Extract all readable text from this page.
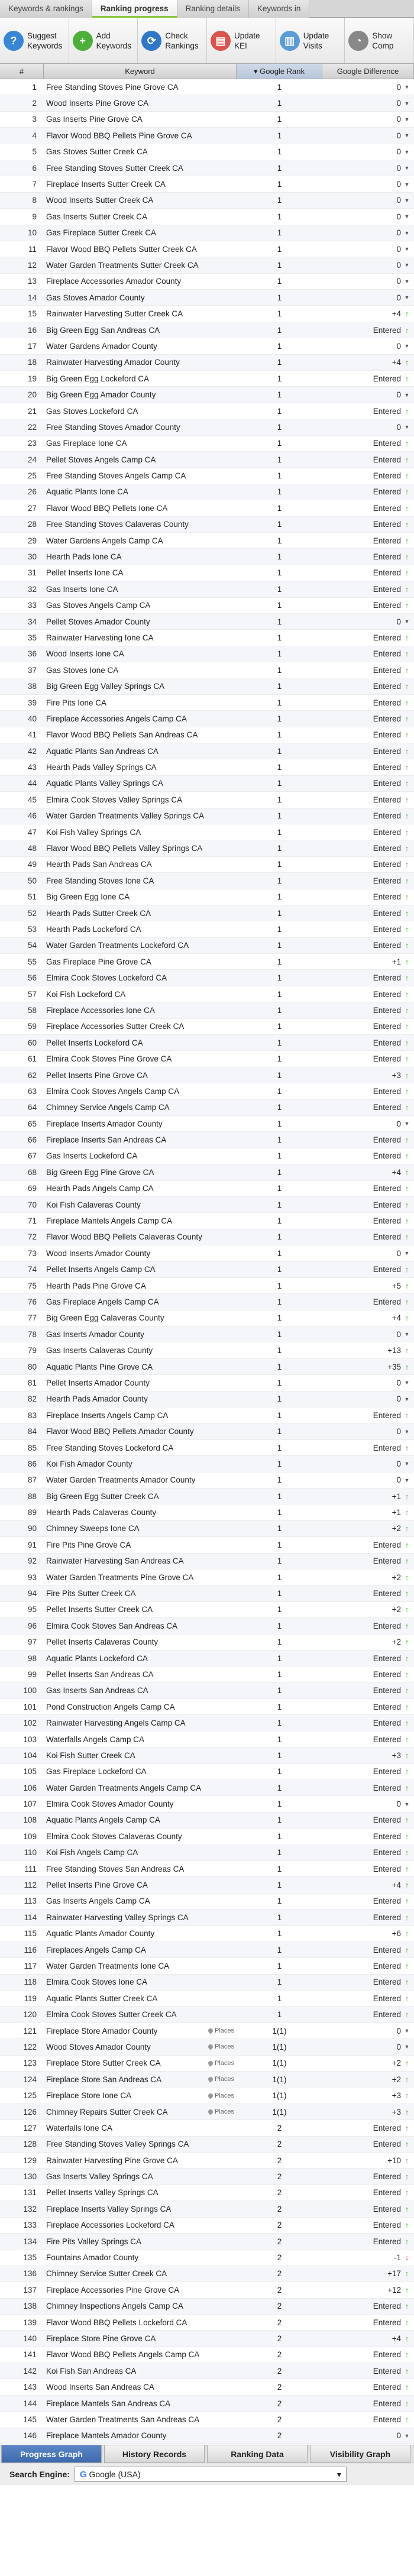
Keywords & rankings	Ranking progress	Ranking details	Keywords in
?	Suggest Keywords	+	Add Keywords	⟳	Check Rankings	▤	Update KEI	▥	Update Visits	◔	Show Comp
#	Keyword	▾ Google Rank	Google Difference
1	Free Standing Stoves Pine Grove CA	1	0 ▼
2	Wood Inserts Pine Grove CA	1	0 ▼
3	Gas Inserts Pine Grove CA	1	0 ▼
4	Flavor Wood BBQ Pellets Pine Grove CA	1	0 ▼
5	Gas Stoves Sutter Creek CA	1	0 ▼
6	Free Standing Stoves Sutter Creek CA	1	0 ▼
7	Fireplace Inserts Sutter Creek CA	1	0 ▼
8	Wood Inserts Sutter Creek CA	1	0 ▼
9	Gas Inserts Sutter Creek CA	1	0 ▼
10	Gas Fireplace Sutter Creek CA	1	0 ▼
11	Flavor Wood BBQ Pellets Sutter Creek CA	1	0 ▼
12	Water Garden Treatments Sutter Creek CA	1	0 ▼
13	Fireplace Accessories Amador County	1	0 ▼
14	Gas Stoves Amador County	1	0 ▼
15	Rainwater Harvesting Sutter Creek CA	1	+4 ↑
16	Big Green Egg San Andreas CA	1	Entered ↑
17	Water Gardens Amador County	1	0 ▼
18	Rainwater Harvesting Amador County	1	+4 ↑
19	Big Green Egg Lockeford CA	1	Entered ↑
20	Big Green Egg Amador County	1	0 ▼
21	Gas Stoves Lockeford CA	1	Entered ↑
22	Free Standing Stoves Amador County	1	0 ▼
23	Gas Fireplace Ione CA	1	Entered ↑
24	Pellet Stoves Angels Camp CA	1	Entered ↑
25	Free Standing Stoves Angels Camp CA	1	Entered ↑
26	Aquatic Plants Ione CA	1	Entered ↑
27	Flavor Wood BBQ Pellets Ione CA	1	Entered ↑
28	Free Standing Stoves Calaveras County	1	Entered ↑
29	Water Gardens Angels Camp CA	1	Entered ↑
30	Hearth Pads Ione CA	1	Entered ↑
31	Pellet Inserts Ione CA	1	Entered ↑
32	Gas Inserts Ione CA	1	Entered ↑
33	Gas Stoves Angels Camp CA	1	Entered ↑
34	Pellet Stoves Amador County	1	0 ▼
35	Rainwater Harvesting Ione CA	1	Entered ↑
36	Wood Inserts Ione CA	1	Entered ↑
37	Gas Stoves Ione CA	1	Entered ↑
38	Big Green Egg Valley Springs CA	1	Entered ↑
39	Fire Pits Ione CA	1	Entered ↑
40	Fireplace Accessories Angels Camp CA	1	Entered ↑
41	Flavor Wood BBQ Pellets San Andreas CA	1	Entered ↑
42	Aquatic Plants San Andreas CA	1	Entered ↑
43	Hearth Pads Valley Springs CA	1	Entered ↑
44	Aquatic Plants Valley Springs CA	1	Entered ↑
45	Elmira Cook Stoves Valley Springs CA	1	Entered ↑
46	Water Garden Treatments Valley Springs CA	1	Entered ↑
47	Koi Fish Valley Springs CA	1	Entered ↑
48	Flavor Wood BBQ Pellets Valley Springs CA	1	Entered ↑
49	Hearth Pads San Andreas CA	1	Entered ↑
50	Free Standing Stoves Ione CA	1	Entered ↑
51	Big Green Egg Ione CA	1	Entered ↑
52	Hearth Pads Sutter Creek CA	1	Entered ↑
53	Hearth Pads Lockeford CA	1	Entered ↑
54	Water Garden Treatments Lockeford CA	1	Entered ↑
55	Gas Fireplace Pine Grove CA	1	+1 ↑
56	Elmira Cook Stoves Lockeford CA	1	Entered ↑
57	Koi Fish Lockeford CA	1	Entered ↑
58	Fireplace Accessories Ione CA	1	Entered ↑
59	Fireplace Accessories Sutter Creek CA	1	Entered ↑
60	Pellet Inserts Lockeford CA	1	Entered ↑
61	Elmira Cook Stoves Pine Grove CA	1	Entered ↑
62	Pellet Inserts Pine Grove CA	1	+3 ↑
63	Elmira Cook Stoves Angels Camp CA	1	Entered ↑
64	Chimney Service Angels Camp CA	1	Entered ↑
65	Fireplace Inserts Amador County	1	0 ▼
66	Fireplace Inserts San Andreas CA	1	Entered ↑
67	Gas Inserts Lockeford CA	1	Entered ↑
68	Big Green Egg Pine Grove CA	1	+4 ↑
69	Hearth Pads Angels Camp CA	1	Entered ↑
70	Koi Fish Calaveras County	1	Entered ↑
71	Fireplace Mantels Angels Camp CA	1	Entered ↑
72	Flavor Wood BBQ Pellets Calaveras County	1	Entered ↑
73	Wood Inserts Amador County	1	0 ▼
74	Pellet Inserts Angels Camp CA	1	Entered ↑
75	Hearth Pads Pine Grove CA	1	+5 ↑
76	Gas Fireplace Angels Camp CA	1	Entered ↑
77	Big Green Egg Calaveras County	1	+4 ↑
78	Gas Inserts Amador County	1	0 ▼
79	Gas Inserts Calaveras County	1	+13 ↑
80	Aquatic Plants Pine Grove CA	1	+35 ↑
81	Pellet Inserts Amador County	1	0 ▼
82	Hearth Pads Amador County	1	0 ▼
83	Fireplace Inserts Angels Camp CA	1	Entered ↑
84	Flavor Wood BBQ Pellets Amador County	1	0 ▼
85	Free Standing Stoves Lockeford CA	1	Entered ↑
86	Koi Fish Amador County	1	0 ▼
87	Water Garden Treatments Amador County	1	0 ▼
88	Big Green Egg Sutter Creek CA	1	+1 ↑
89	Hearth Pads Calaveras County	1	+1 ↑
90	Chimney Sweeps Ione CA	1	+2 ↑
91	Fire Pits Pine Grove CA	1	Entered ↑
92	Rainwater Harvesting San Andreas CA	1	Entered ↑
93	Water Garden Treatments Pine Grove CA	1	+2 ↑
94	Fire Pits Sutter Creek CA	1	Entered ↑
95	Pellet Inserts Sutter Creek CA	1	+2 ↑
96	Elmira Cook Stoves San Andreas CA	1	Entered ↑
97	Pellet Inserts Calaveras County	1	+2 ↑
98	Aquatic Plants Lockeford CA	1	Entered ↑
99	Pellet Inserts San Andreas CA	1	Entered ↑
100	Gas Inserts San Andreas CA	1	Entered ↑
101	Pond Construction Angels Camp CA	1	Entered ↑
102	Rainwater Harvesting Angels Camp CA	1	Entered ↑
103	Waterfalls Angels Camp CA	1	Entered ↑
104	Koi Fish Sutter Creek CA	1	+3 ↑
105	Gas Fireplace Lockeford CA	1	Entered ↑
106	Water Garden Treatments Angels Camp CA	1	Entered ↑
107	Elmira Cook Stoves Amador County	1	0 ▼
108	Aquatic Plants Angels Camp CA	1	Entered ↑
109	Elmira Cook Stoves Calaveras County	1	Entered ↑
110	Koi Fish Angels Camp CA	1	Entered ↑
111	Free Standing Stoves San Andreas CA	1	Entered ↑
112	Pellet Inserts Pine Grove CA	1	+4 ↑
113	Gas Inserts Angels Camp CA	1	Entered ↑
114	Rainwater Harvesting Valley Springs CA	1	Entered ↑
115	Aquatic Plants Amador County	1	+6 ↑
116	Fireplaces Angels Camp CA	1	Entered ↑
117	Water Garden Treatments Ione CA	1	Entered ↑
118	Elmira Cook Stoves Ione CA	1	Entered ↑
119	Aquatic Plants Sutter Creek CA	1	Entered ↑
120	Elmira Cook Stoves Sutter Creek CA	1	Entered ↑
121	Fireplace Store Amador County	Places	1(1)	0 ▼
122	Wood Stoves Amador County	Places	1(1)	0 ▼
123	Fireplace Store Sutter Creek CA	Places	1(1)	+2 ↑
124	Fireplace Store San Andreas CA	Places	1(1)	+2 ↑
125	Fireplace Store Ione CA	Places	1(1)	+3 ↑
126	Chimney Repairs Sutter Creek CA	Places	1(1)	+3 ↑
127	Waterfalls Ione CA	2	Entered ↑
128	Free Standing Stoves Valley Springs CA	2	Entered ↑
129	Rainwater Harvesting Pine Grove CA	2	+10 ↑
130	Gas Inserts Valley Springs CA	2	Entered ↑
131	Pellet Inserts Valley Springs CA	2	Entered ↑
132	Fireplace Inserts Valley Springs CA	2	Entered ↑
133	Fireplace Accessories Lockeford CA	2	Entered ↑
134	Fire Pits Valley Springs CA	2	Entered ↑
135	Fountains Amador County	2	-1 ↓
136	Chimney Service Sutter Creek CA	2	+17 ↑
137	Fireplace Accessories Pine Grove CA	2	+12 ↑
138	Chimney Inspections Angels Camp CA	2	Entered ↑
139	Flavor Wood BBQ Pellets Lockeford CA	2	Entered ↑
140	Fireplace Store Pine Grove CA	2	+4 ↑
141	Flavor Wood BBQ Pellets Angels Camp CA	2	Entered ↑
142	Koi Fish San Andreas CA	2	Entered ↑
143	Wood Inserts San Andreas CA	2	Entered ↑
144	Fireplace Mantels San Andreas CA	2	Entered ↑
145	Water Garden Treatments San Andreas CA	2	Entered ↑
146	Fireplace Mantels Amador County	2	0 ▼
Progress Graph	History Records	Ranking Data	Visibility Graph
Search Engine: G Google (USA)	▾
